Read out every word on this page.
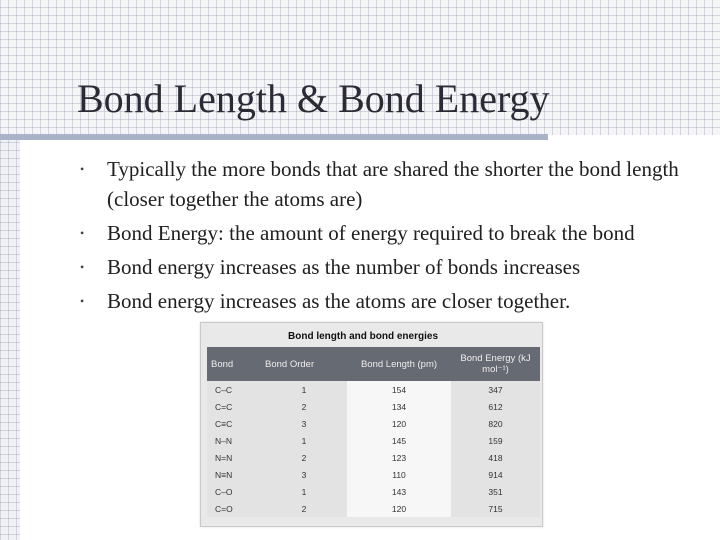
Bond Length & Bond Energy
• Typically the more bonds that are shared the shorter the bond length (closer together the atoms are)
• Bond Energy: the amount of energy required to break the bond
• Bond energy increases as the number of bonds increases
• Bond energy increases as the atoms are closer together.
Bond length and bond energies
Bond	Bond Order	Bond Length (pm)	Bond Energy (kJ mol⁻¹)
C–C	1	154	347
C=C	2	134	612
C≡C	3	120	820
N–N	1	145	159
N=N	2	123	418
N≡N	3	110	914
C–O	1	143	351
C=O	2	120	715
